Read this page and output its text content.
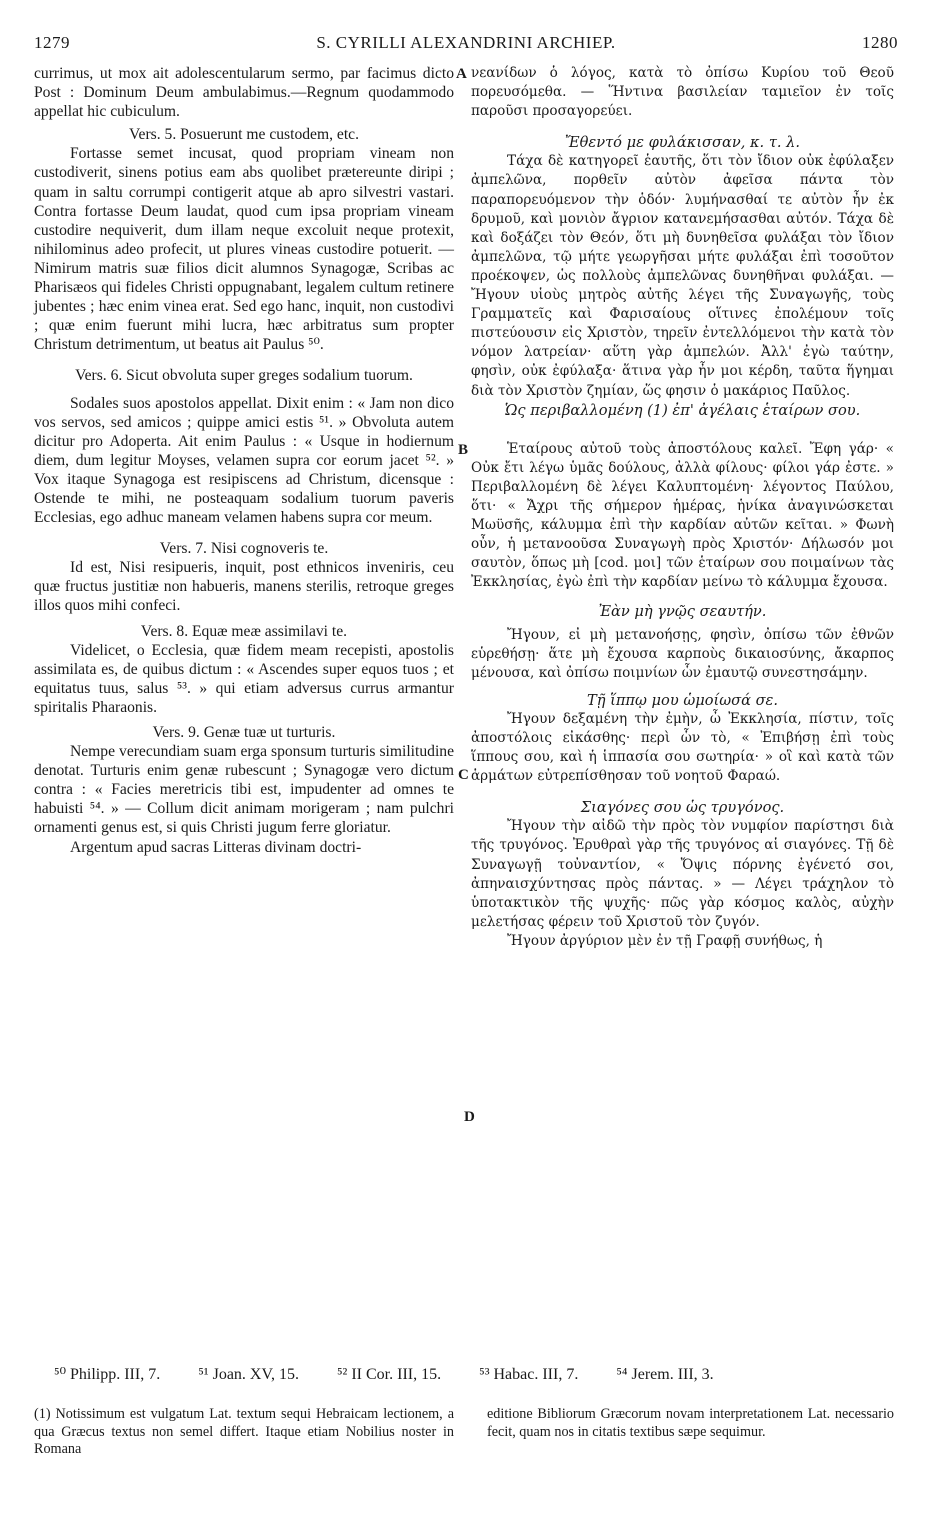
1279	S. CYRILLI ALEXANDRINI ARCHIEP.	1280
A
B
C
D

currimus, ut mox ait adolescentularum sermo, par facimus dicto Post : Dominum Deum ambulabimus.—Regnum quodammodo appellat hic cubiculum.

Vers. 5. Posuerunt me custodem, etc.

Fortasse semet incusat, quod propriam vineam non custodiverit, sinens potius eam abs quolibet prætereunte diripi ; quam in saltu corrumpi contigerit atque ab apro silvestri vastari. Contra fortasse Deum laudat, quod cum ipsa propriam vineam custodire nequiverit, dum illam neque excoluit neque protexit, nihilominus adeo profecit, ut plures vineas custodire potuerit. — Nimirum matris suæ filios dicit alumnos Synagogæ, Scribas ac Pharisæos qui fideles Christi oppugnabant, legalem cultum retinere jubentes ; hæc enim vinea erat. Sed ego hanc, inquit, non custodivi ; quæ enim fuerunt mihi lucra, hæc arbitratus sum propter Christum detrimentum, ut beatus ait Paulus ⁵⁰.

Vers. 6. Sicut obvoluta super greges sodalium tuorum.

Sodales suos apostolos appellat. Dixit enim : « Jam non dico vos servos, sed amicos ; quippe amici estis ⁵¹. » Obvoluta autem dicitur pro Adoperta. Ait enim Paulus : « Usque in hodiernum diem, dum legitur Moyses, velamen supra cor eorum jacet ⁵². » Vox itaque Synagoga est resipiscens ad Christum, dicensque : Ostende te mihi, ne posteaquam sodalium tuorum paveris Ecclesias, ego adhuc maneam velamen habens supra cor meum.

Vers. 7. Nisi cognoveris te.

Id est, Nisi resipueris, inquit, post ethnicos inveniris, ceu quæ fructus justitiæ non habueris, manens sterilis, retroque greges illos quos mihi confeci.

Vers. 8. Equæ meæ assimilavi te.

Videlicet, o Ecclesia, quæ fidem meam recepisti, apostolis assimilata es, de quibus dictum : « Ascendes super equos tuos ; et equitatus tuus, salus ⁵³. » qui etiam adversus currus armantur spiritalis Pharaonis.

Vers. 9. Genæ tuæ ut turturis.

Nempe verecundiam suam erga sponsum turturis similitudine denotat. Turturis enim genæ rubescunt ; Synagogæ vero dictum contra : « Facies meretricis tibi est, impudenter ad omnes te habuisti ⁵⁴. » — Collum dicit animam morigeram ; nam pulchri ornamenti genus est, si quis Christi jugum ferre gloriatur.

Argentum apud sacras Litteras divinam doctri-

νεανίδων ὁ λόγος, κατὰ τὸ ὀπίσω Κυρίου τοῦ Θεοῦ πορευσόμεθα. — Ἥντινα βασιλείαν ταμιεῖον ἐν τοῖς παροῦσι προσαγορεύει.

Ἔθεντό με φυλάκισσαν, κ. τ. λ.

Τάχα δὲ κατηγορεῖ ἑαυτῆς, ὅτι τὸν ἴδιον οὐκ ἐφύλαξεν ἀμπελῶνα, πορθεῖν αὐτὸν ἀφεῖσα πάντα τὸν παραπορευόμενον τὴν ὁδόν· λυμήνασθαί τε αὐτὸν ἦν ἐκ δρυμοῦ, καὶ μονιὸν ἄγριον κατανεμήσασθαι αὐτόν. Τάχα δὲ καὶ δοξάζει τὸν Θεόν, ὅτι μὴ δυνηθεῖσα φυλάξαι τὸν ἴδιον ἀμπελῶνα, τῷ μήτε γεωργῆσαι μήτε φυλάξαι ἐπὶ τοσοῦτον προέκοψεν, ὡς πολλοὺς ἀμπελῶνας δυνηθῆναι φυλάξαι. — Ἤγουν υἱοὺς μητρὸς αὐτῆς λέγει τῆς Συναγωγῆς, τοὺς Γραμματεῖς καὶ Φαρισαίους οἵτινες ἐπολέμουν τοῖς πιστεύουσιν εἰς Χριστὸν, τηρεῖν ἐντελλόμενοι τὴν κατὰ τὸν νόμον λατρείαν· αὕτη γὰρ ἀμπελών. Ἀλλ' ἐγὼ ταύτην, φησὶν, οὐκ ἐφύλαξα· ἅτινα γὰρ ἦν μοι κέρδη, ταῦτα ἥγημαι διὰ τὸν Χριστὸν ζημίαν, ὥς φησιν ὁ μακάριος Παῦλος.

Ὡς περιβαλλομένη (1) ἐπ' ἀγέλαις ἑταίρων σου.

Ἑταίρους αὐτοῦ τοὺς ἀποστόλους καλεῖ. Ἔφη γάρ· « Οὐκ ἔτι λέγω ὑμᾶς δούλους, ἀλλὰ φίλους· φίλοι γάρ ἐστε. » Περιβαλλομένη δὲ λέγει Καλυπτομένη· λέγοντος Παύλου, ὅτι· « Ἄχρι τῆς σήμερον ἡμέρας, ἡνίκα ἀναγινώσκεται Μωϋσῆς, κάλυμμα ἐπὶ τὴν καρδίαν αὐτῶν κεῖται. » Φωνὴ οὖν, ἡ μετανοοῦσα Συναγωγὴ πρὸς Χριστόν· Δήλωσόν μοι σαυτὸν, ὅπως μὴ [cod. μοι] τῶν ἑταίρων σου ποιμαίνων τὰς Ἐκκλησίας, ἐγὼ ἐπὶ τὴν καρδίαν μείνω τὸ κάλυμμα ἔχουσα.

Ἐὰν μὴ γνῷς σεαυτήν.

Ἤγουν, εἰ μὴ μετανοήσῃς, φησὶν, ὀπίσω τῶν ἐθνῶν εὑρεθήσῃ· ἅτε μὴ ἔχουσα καρποὺς δικαιοσύνης, ἄκαρπος μένουσα, καὶ ὀπίσω ποιμνίων ὧν ἐμαυτῷ συνεστησάμην.

Τῇ ἵππῳ μου ὡμοίωσά σε.

Ἤγουν δεξαμένη τὴν ἐμὴν, ὦ Ἐκκλησία, πίστιν, τοῖς ἀποστόλοις εἰκάσθης· περὶ ὧν τὸ, « Ἐπιβήσῃ ἐπὶ τοὺς ἵππους σου, καὶ ἡ ἱππασία σου σωτηρία· » οἳ καὶ κατὰ τῶν ἁρμάτων εὐτρεπίσθησαν τοῦ νοητοῦ Φαραώ.

Σιαγόνες σου ὡς τρυγόνος.

Ἤγουν τὴν αἰδῶ τὴν πρὸς τὸν νυμφίον παρίστησι διὰ τῆς τρυγόνος. Ἐρυθραὶ γὰρ τῆς τρυγόνος αἱ σιαγόνες. Τῇ δὲ Συναγωγῇ τοὐναντίον, « Ὄψις πόρνης ἐγένετό σοι, ἀπηναισχύντησας πρὸς πάντας. » — Λέγει τράχηλον τὸ ὑποτακτικὸν τῆς ψυχῆς· πῶς γὰρ κόσμος καλὸς, αὐχὴν μελετήσας φέρειν τοῦ Χριστοῦ τὸν ζυγόν.

Ἤγουν ἀργύριον μὲν ἐν τῇ Γραφῇ συνήθως, ἡ

⁵⁰ Philipp. III, 7. ⁵¹ Joan. XV, 15. ⁵² II Cor. III, 15. ⁵³ Habac. III, 7. ⁵⁴ Jerem. III, 3.
(1) Notissimum est vulgatum Lat. textum sequi Hebraicam lectionem, a qua Græcus textus non semel differt. Itaque etiam Nobilius noster in Romana
editione Bibliorum Græcorum novam interpretationem Lat. necessario fecit, quam nos in citatis textibus sæpe sequimur.
